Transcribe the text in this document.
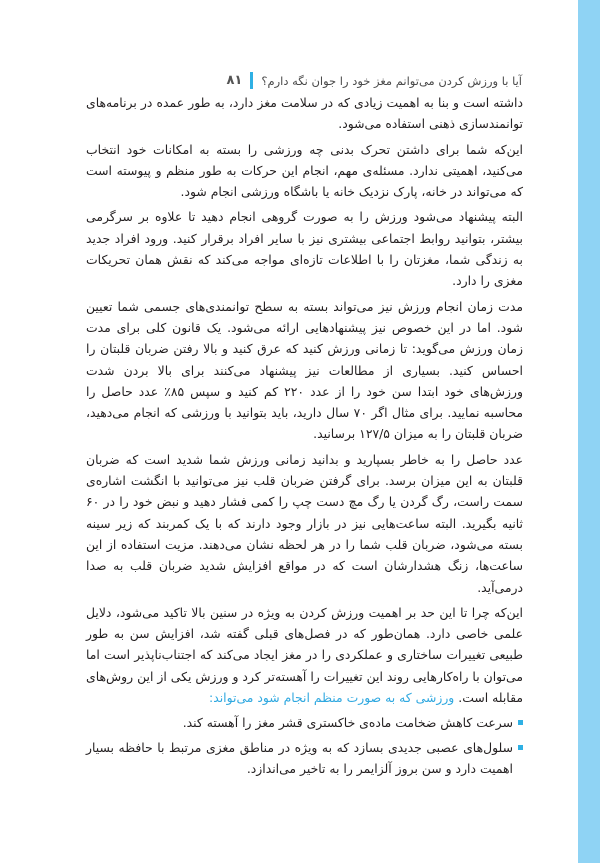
آیا با ورزش کردن می‌توانم مغز خود را جوان نگه دارم؟
۸۱

داشته است و بنا به اهمیت زیادی که در سلامت مغز دارد، به طور عمده در برنامه‌های توانمندسازی ذهنی استفاده می‌شود.

این‌که شما برای داشتن تحرک بدنی چه ورزشی را بسته به امکانات خود انتخاب می‌کنید، اهمیتی ندارد. مسئله‌ی مهم، انجام این حرکات به طور منظم و پیوسته است که می‌تواند در خانه، پارک نزدیک خانه یا باشگاه ورزشی انجام شود.

البته پیشنهاد می‌شود ورزش را به صورت گروهی انجام دهید تا علاوه بر سرگرمی بیشتر، بتوانید روابط اجتماعی بیشتری نیز با سایر افراد برقرار کنید. ورود افراد جدید به زندگی شما، مغزتان را با اطلاعات تازه‌ای مواجه می‌کند که نقش همان تحریکات مغزی را دارد.

مدت زمان انجام ورزش نیز می‌تواند بسته به سطح توانمندی‌های جسمی شما تعیین شود. اما در این خصوص نیز پیشنهادهایی ارائه می‌شود. یک قانون کلی برای مدت زمان ورزش می‌گوید: تا زمانی ورزش کنید که عرق کنید و بالا رفتن ضربان قلبتان را احساس کنید. بسیاری از مطالعات نیز پیشنهاد می‌کنند برای بالا بردن شدت ورزش‌های خود ابتدا سن خود را از عدد ۲۲۰ کم کنید و سپس ۸۵٪ عدد حاصل را محاسبه نمایید. برای مثال اگر ۷۰ سال دارید، باید بتوانید با ورزشی که انجام می‌دهید، ضربان قلبتان را به میزان ۱۲۷/۵ برسانید.

عدد حاصل را به خاطر بسپارید و بدانید زمانی ورزش شما شدید است که ضربان قلبتان به این میزان برسد. برای گرفتن ضربان قلب نیز می‌توانید با انگشت اشاره‌ی سمت راست، رگ گردن یا رگ مچ دست چپ را کمی فشار دهید و نبض خود را در ۶۰ ثانیه بگیرید. البته ساعت‌هایی نیز در بازار وجود دارند که با یک کمربند که زیر سینه بسته می‌شود، ضربان قلب شما را در هر لحظه نشان می‌دهند. مزیت استفاده از این ساعت‌ها، زنگ هشدارشان است که در مواقع افزایش شدید ضربان قلب به صدا درمی‌آید.

این‌که چرا تا این حد بر اهمیت ورزش کردن به ویژه در سنین بالا تاکید می‌شود، دلایل علمی خاصی دارد. همان‌طور که در فصل‌های قبلی گفته شد، افزایش سن به طور طبیعی تغییرات ساختاری و عملکردی را در مغز ایجاد می‌کند که اجتناب‌ناپذیر است اما می‌توان با راه‌کارهایی روند این تغییرات را آهسته‌تر کرد و ورزش یکی از این روش‌های مقابله است. ورزشی که به صورت منظم انجام شود می‌تواند:

سرعت کاهش ضخامت ماده‌ی خاکستری قشر مغز را آهسته کند.
سلول‌های عصبی جدیدی بسازد که به ویژه در مناطق مغزی مرتبط با حافظه بسیار اهمیت دارد و سن بروز آلزایمر را به تاخیر می‌اندازد.
